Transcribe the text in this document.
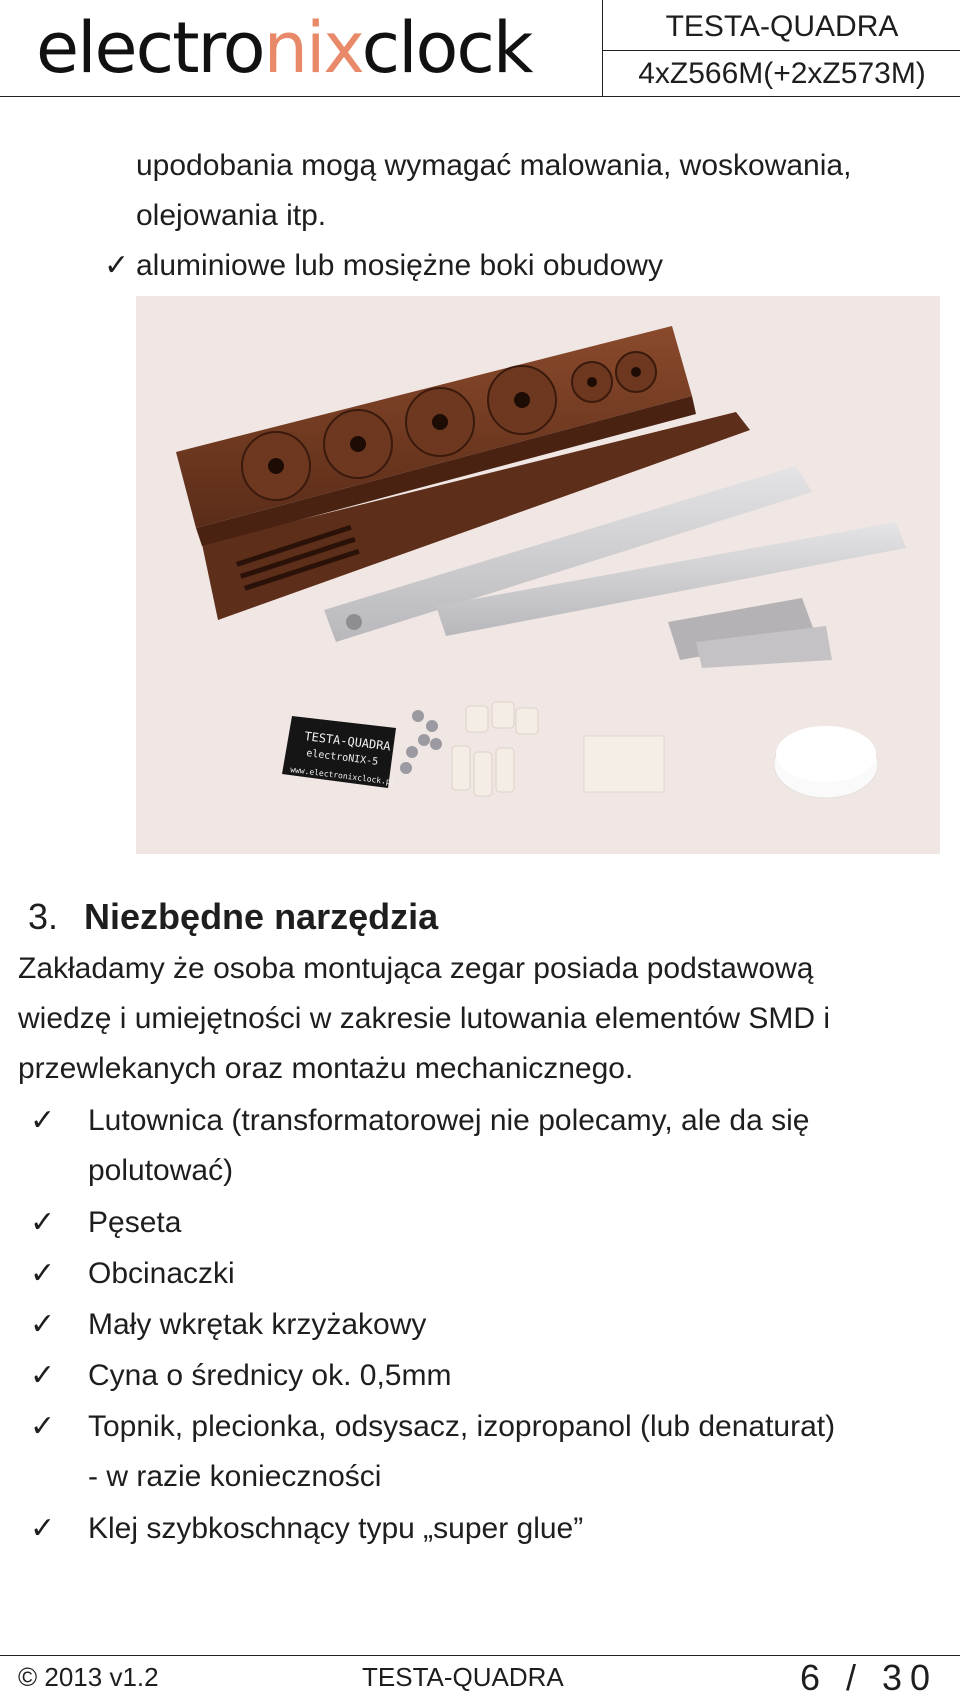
electronixclock	TESTA-QUADRA
4xZ566M(+2xZ573M)
upodobania mogą wymagać malowania, woskowania,
olejowania itp.
✓ aluminiowe lub mosiężne boki obudowy
TESTA-QUADRA
electroNIX-5
www.electronixclock.pl
3. Niezbędne narzędzia
Zakładamy że osoba montująca zegar posiada podstawową
wiedzę i umiejętności w zakresie lutowania elementów SMD i
przewlekanych oraz montażu mechanicznego.
✓ Lutownica (transformatorowej nie polecamy, ale da się
polutować)
✓ Pęseta
✓ Obcinaczki
✓ Mały wkrętak krzyżakowy
✓ Cyna o średnicy ok. 0,5mm
✓ Topnik, plecionka, odsysacz, izopropanol (lub denaturat)
- w razie konieczności
✓ Klej szybkoschnący typu „super glue”
© 2013 v1.2	TESTA-QUADRA	6 / 30
